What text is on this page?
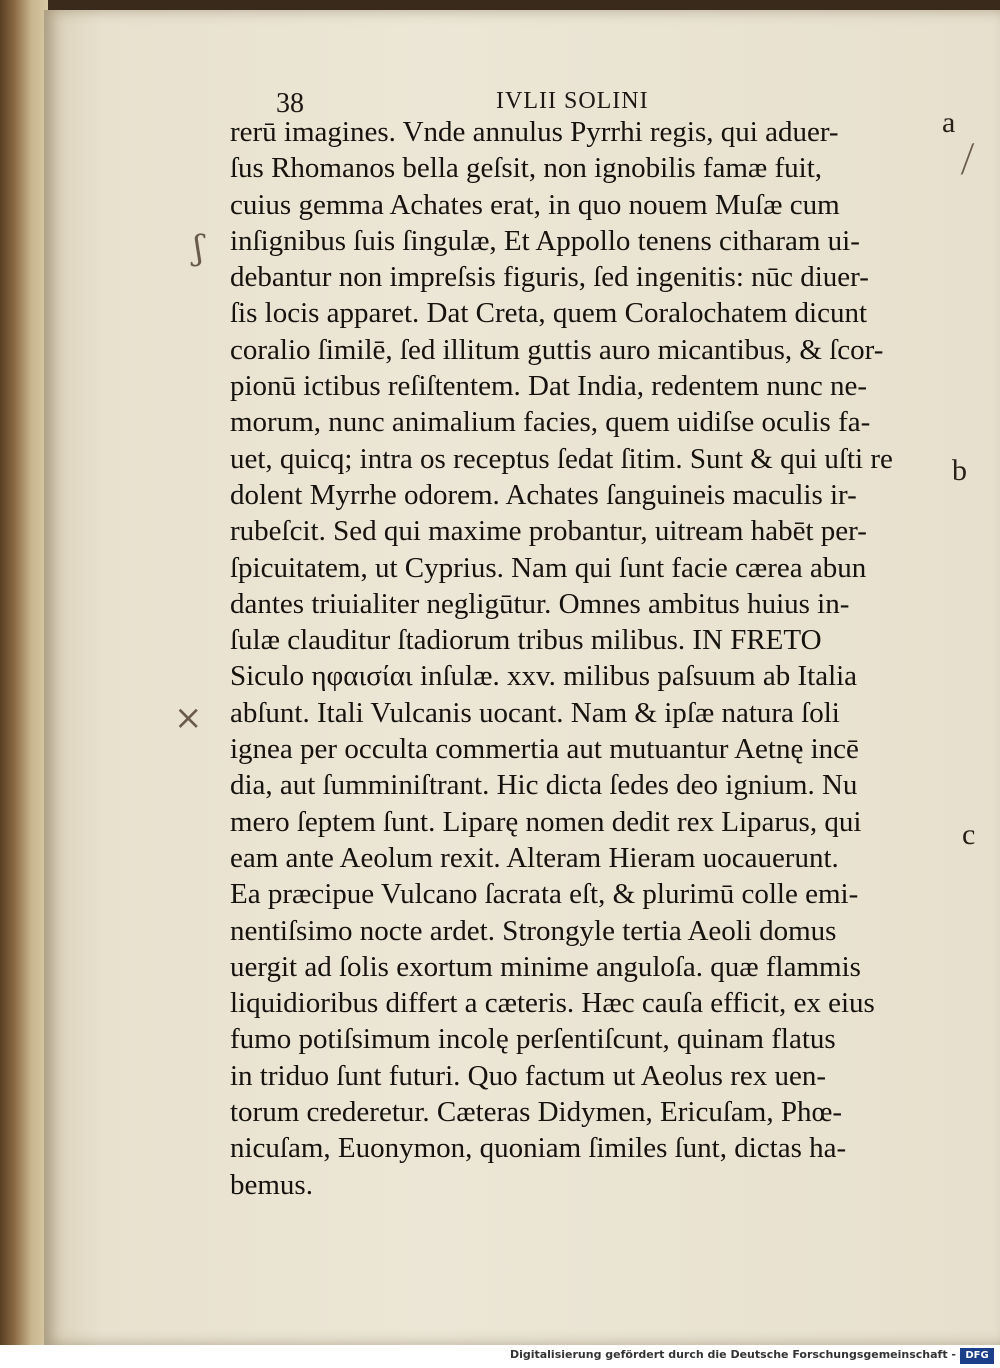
38	IVLII SOLINI
rerū imagines. Vnde annulus Pyrrhi regis, qui aduer-
ſus Rhomanos bella geſsit, non ignobilis famæ fuit,
cuius gemma Achates erat, in quo nouem Muſæ cum
inſignibus ſuis ſingulæ, Et Appollo tenens citharam ui-
debantur non impreſsis figuris, ſed ingenitis: nūc diuer-
ſis locis apparet. Dat Creta, quem Coralochatem dicunt
coralio ſimilē, ſed illitum guttis auro micantibus, & ſcor-
pionū ictibus reſiſtentem. Dat India, redentem nunc ne-
morum, nunc animalium facies, quem uidiſse oculis fa-
uet, quicq; intra os receptus ſedat ſitim. Sunt & qui uſti re
dolent Myrrhe odorem. Achates ſanguineis maculis ir-
rubeſcit. Sed qui maxime probantur, uitream habēt per-
ſpicuitatem, ut Cyprius. Nam qui ſunt facie cærea abun
dantes triuialiter negligūtur. Omnes ambitus huius in-
ſulæ clauditur ſtadiorum tribus milibus. IN FRETO
Siculo ηφαισίαι inſulæ. xxv. milibus paſsuum ab Italia
abſunt. Itali Vulcanis uocant. Nam & ipſæ natura ſoli
ignea per occulta commertia aut mutuantur Aetnę incē
dia, aut ſumminiſtrant. Hic dicta ſedes deo ignium. Nu
mero ſeptem ſunt. Liparę nomen dedit rex Liparus, qui
eam ante Aeolum rexit. Alteram Hieram uocauerunt.
Ea præcipue Vulcano ſacrata eſt, & plurimū colle emi-
nentiſsimo nocte ardet. Strongyle tertia Aeoli domus
uergit ad ſolis exortum minime anguloſa. quæ flammis
liquidioribus differt a cæteris. Hæc cauſa efficit, ex eius
fumo potiſsimum incolę perſentiſcunt, quinam flatus
in triduo ſunt futuri. Quo factum ut Aeolus rex uen-
torum crederetur. Cæteras Didymen, Ericuſam, Phœ-
nicuſam, Euonymon, quoniam ſimiles ſunt, dictas ha-
bemus.
a
b
c
ʃ
⨯
⟋
Digitalisierung gefördert durch die Deutsche Forschungsgemeinschaft - DFG
